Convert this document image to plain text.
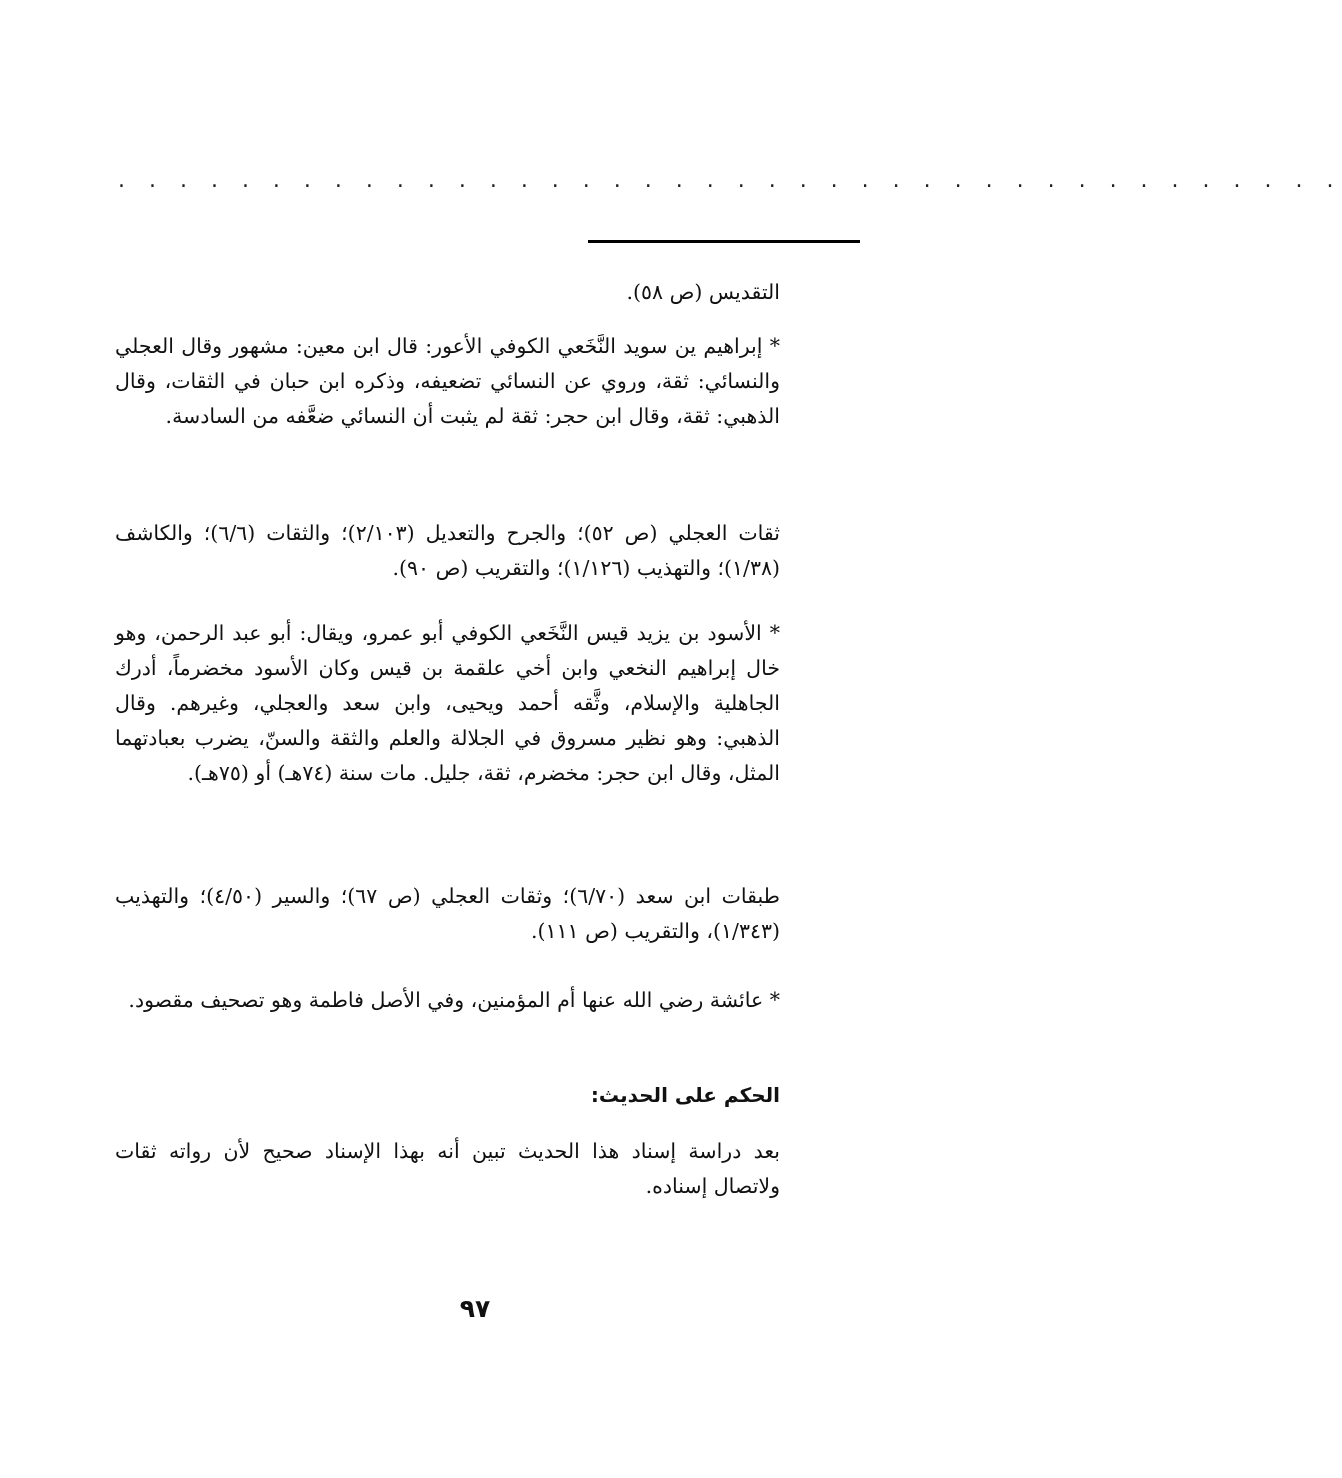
. . . . . . . . . . . . . . . . . . . . . . . . . . . . . . . . . . . . . . . .

التقديس (ص ٥٨).

* إبراهيم ين سويد النَّخَعي الكوفي الأعور: قال ابن معين: مشهور وقال العجلي والنسائي: ثقة، وروي عن النسائي تضعيفه، وذكره ابن حبان في الثقات، وقال الذهبي: ثقة، وقال ابن حجر: ثقة لم يثبت أن النسائي ضعَّفه من السادسة.

ثقات العجلي (ص ٥٢)؛ والجرح والتعديل (٢/١٠٣)؛ والثقات (٦/٦)؛ والكاشف (١/٣٨)؛ والتهذيب (١/١٢٦)؛ والتقريب (ص ٩٠).

* الأسود بن يزيد قيس النَّخَعي الكوفي أبو عمرو، ويقال: أبو عبد الرحمن، وهو خال إبراهيم النخعي وابن أخي علقمة بن قيس وكان الأسود مخضرماً، أدرك الجاهلية والإسلام، وثَّقه أحمد ويحيى، وابن سعد والعجلي، وغيرهم. وقال الذهبي: وهو نظير مسروق في الجلالة والعلم والثقة والسنّ، يضرب بعبادتهما المثل، وقال ابن حجر: مخضرم، ثقة، جليل. مات سنة (٧٤هـ) أو (٧٥هـ).

طبقات ابن سعد (٦/٧٠)؛ وثقات العجلي (ص ٦٧)؛ والسير (٤/٥٠)؛ والتهذيب (١/٣٤٣)، والتقريب (ص ١١١).

* عائشة رضي الله عنها أم المؤمنين، وفي الأصل فاطمة وهو تصحيف مقصود.

الحكم على الحديث:

بعد دراسة إسناد هذا الحديث تبين أنه بهذا الإسناد صحيح لأن رواته ثقات ولاتصال إسناده.

٩٧
